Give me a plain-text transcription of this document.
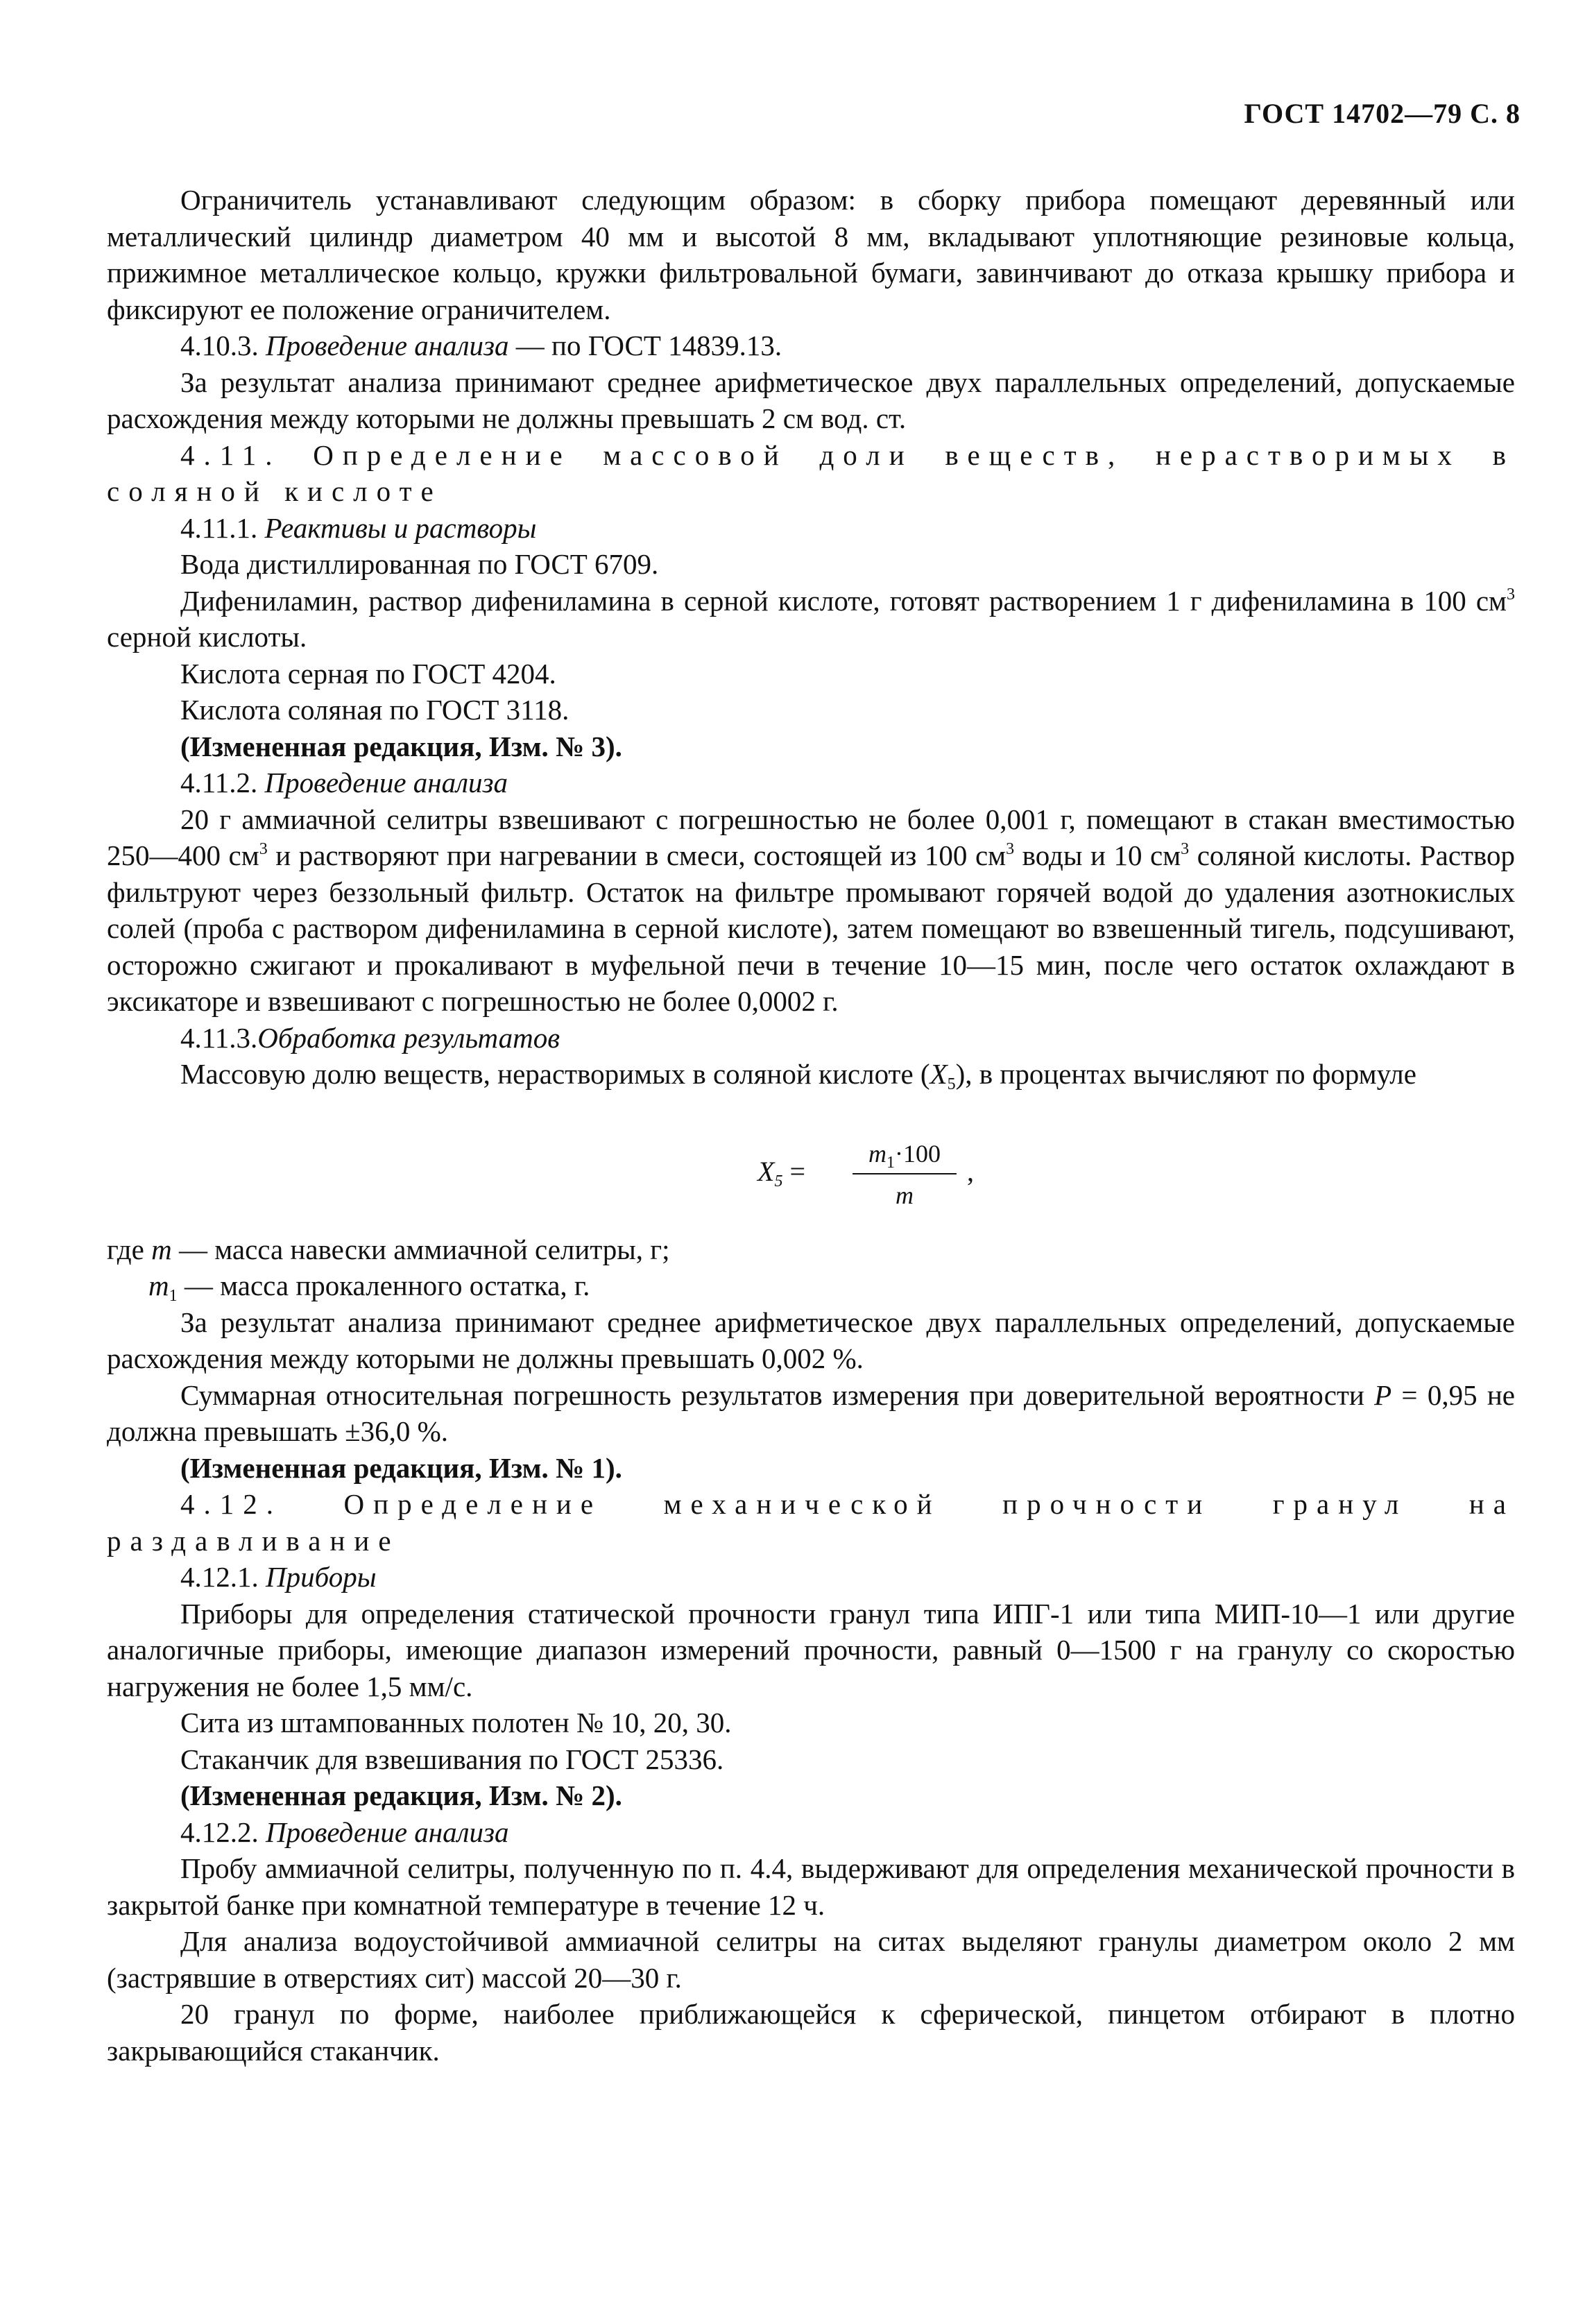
ГОСТ 14702—79 С. 8

Ограничитель устанавливают следующим образом: в сборку прибора помещают деревянный или металлический цилиндр диаметром 40 мм и высотой 8 мм, вкладывают уплотняющие резиновые кольца, прижимное металлическое кольцо, кружки фильтровальной бумаги, завинчивают до отказа крышку прибора и фиксируют ее положение ограничителем.

4.10.3. Проведение анализа — по ГОСТ 14839.13.

За результат анализа принимают среднее арифметическое двух параллельных определений, допускаемые расхождения между которыми не должны превышать 2 см вод. ст.

4.11. Определение массовой доли веществ, нерастворимых в соляной кислоте

4.11.1. Реактивы и растворы

Вода дистиллированная по ГОСТ 6709.

Дифениламин, раствор дифениламина в серной кислоте, готовят растворением 1 г дифениламина в 100 $см^3$ серной кислоты.

Кислота серная по ГОСТ 4204.

Кислота соляная по ГОСТ 3118.

(Измененная редакция, Изм. № 3).

4.11.2. Проведение анализа

20 г аммиачной селитры взвешивают с погрешностью не более 0,001 г, помещают в стакан вместимостью 250—400 $см^3$ и растворяют при нагревании в смеси, состоящей из 100 $см^3$ воды и 10 $см^3$ соляной кислоты. Раствор фильтруют через беззольный фильтр. Остаток на фильтре промывают горячей водой до удаления азотнокислых солей (проба с раствором дифениламина в серной кислоте), затем помещают во взвешенный тигель, подсушивают, осторожно сжигают и прокаливают в муфельной печи в течение 10—15 мин, после чего остаток охлаждают в эксикаторе и взвешивают с погрешностью не более 0,0002 г.

4.11.3.Обработка результатов

Массовую долю веществ, нерастворимых в соляной кислоте $(X_5)$, в процентах вычисляют по формуле

$X_5 = \frac{m_1\cdot 100}{m}$ ,

где m — масса навески аммиачной селитры, г;

$m_1$ — масса прокаленного остатка, г.

За результат анализа принимают среднее арифметическое двух параллельных определений, допускаемые расхождения между которыми не должны превышать 0,002 %.

Суммарная относительная погрешность результатов измерения при доверительной вероятности P = 0,95 не должна превышать ±36,0 %.

(Измененная редакция, Изм. № 1).

4.12. Определение механической прочности гранул на раздавливание

4.12.1. Приборы

Приборы для определения статической прочности гранул типа ИПГ-1 или типа МИП-10—1 или другие аналогичные приборы, имеющие диапазон измерений прочности, равный 0—1500 г на гранулу со скоростью нагружения не более 1,5 мм/с.

Сита из штампованных полотен № 10, 20, 30.

Стаканчик для взвешивания по ГОСТ 25336.

(Измененная редакция, Изм. № 2).

4.12.2. Проведение анализа

Пробу аммиачной селитры, полученную по п. 4.4, выдерживают для определения механической прочности в закрытой банке при комнатной температуре в течение 12 ч.

Для анализа водоустойчивой аммиачной селитры на ситах выделяют гранулы диаметром около 2 мм (застрявшие в отверстиях сит) массой 20—30 г.

20 гранул по форме, наиболее приближающейся к сферической, пинцетом отбирают в плотно закрывающийся стаканчик.
